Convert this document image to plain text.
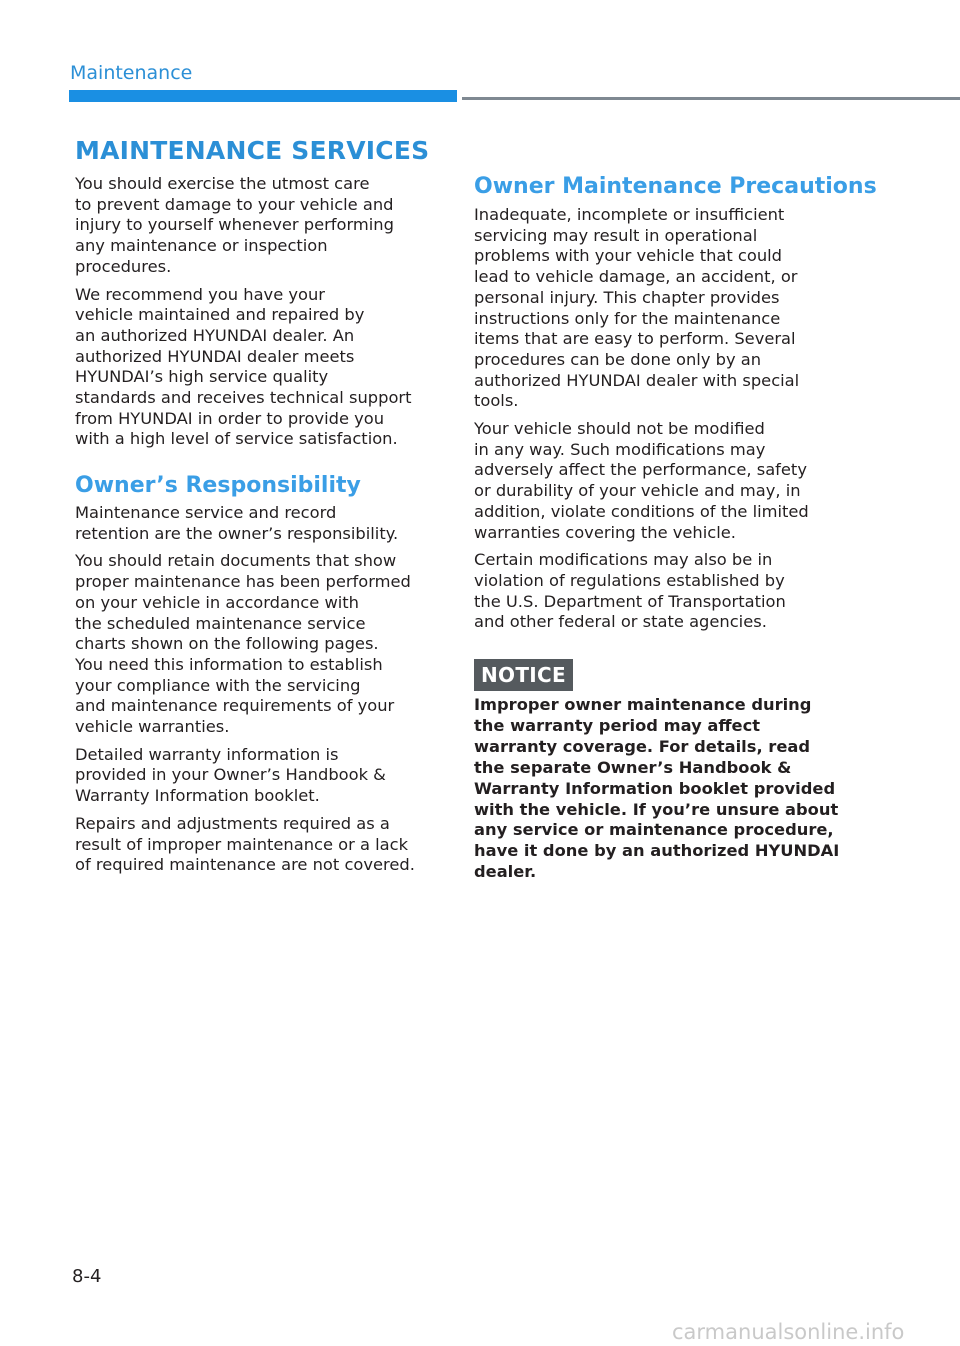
Maintenance
MAINTENANCE SERVICES

You should exercise the utmost care
to prevent damage to your vehicle and
injury to yourself whenever performing
any maintenance or inspection
procedures.

We recommend you have your
vehicle maintained and repaired by
an authorized HYUNDAI dealer. An
authorized HYUNDAI dealer meets
HYUNDAI’s high service quality
standards and receives technical support
from HYUNDAI in order to provide you
with a high level of service satisfaction.

Owner’s Responsibility

Maintenance service and record
retention are the owner’s responsibility.

You should retain documents that show
proper maintenance has been performed
on your vehicle in accordance with
the scheduled maintenance service
charts shown on the following pages.
You need this information to establish
your compliance with the servicing
and maintenance requirements of your
vehicle warranties.

Detailed warranty information is
provided in your Owner’s Handbook &
Warranty Information booklet.

Repairs and adjustments required as a
result of improper maintenance or a lack
of required maintenance are not covered.

Owner Maintenance Precautions

Inadequate, incomplete or insufficient
servicing may result in operational
problems with your vehicle that could
lead to vehicle damage, an accident, or
personal injury. This chapter provides
instructions only for the maintenance
items that are easy to perform. Several
procedures can be done only by an
authorized HYUNDAI dealer with special
tools.

Your vehicle should not be modified
in any way. Such modifications may
adversely affect the performance, safety
or durability of your vehicle and may, in
addition, violate conditions of the limited
warranties covering the vehicle.

Certain modifications may also be in
violation of regulations established by
the U.S. Department of Transportation
and other federal or state agencies.

NOTICE

Improper owner maintenance during
the warranty period may affect
warranty coverage. For details, read
the separate Owner’s Handbook &
Warranty Information booklet provided
with the vehicle. If you’re unsure about
any service or maintenance procedure,
have it done by an authorized HYUNDAI
dealer.

8-4
carmanualsonline.info
